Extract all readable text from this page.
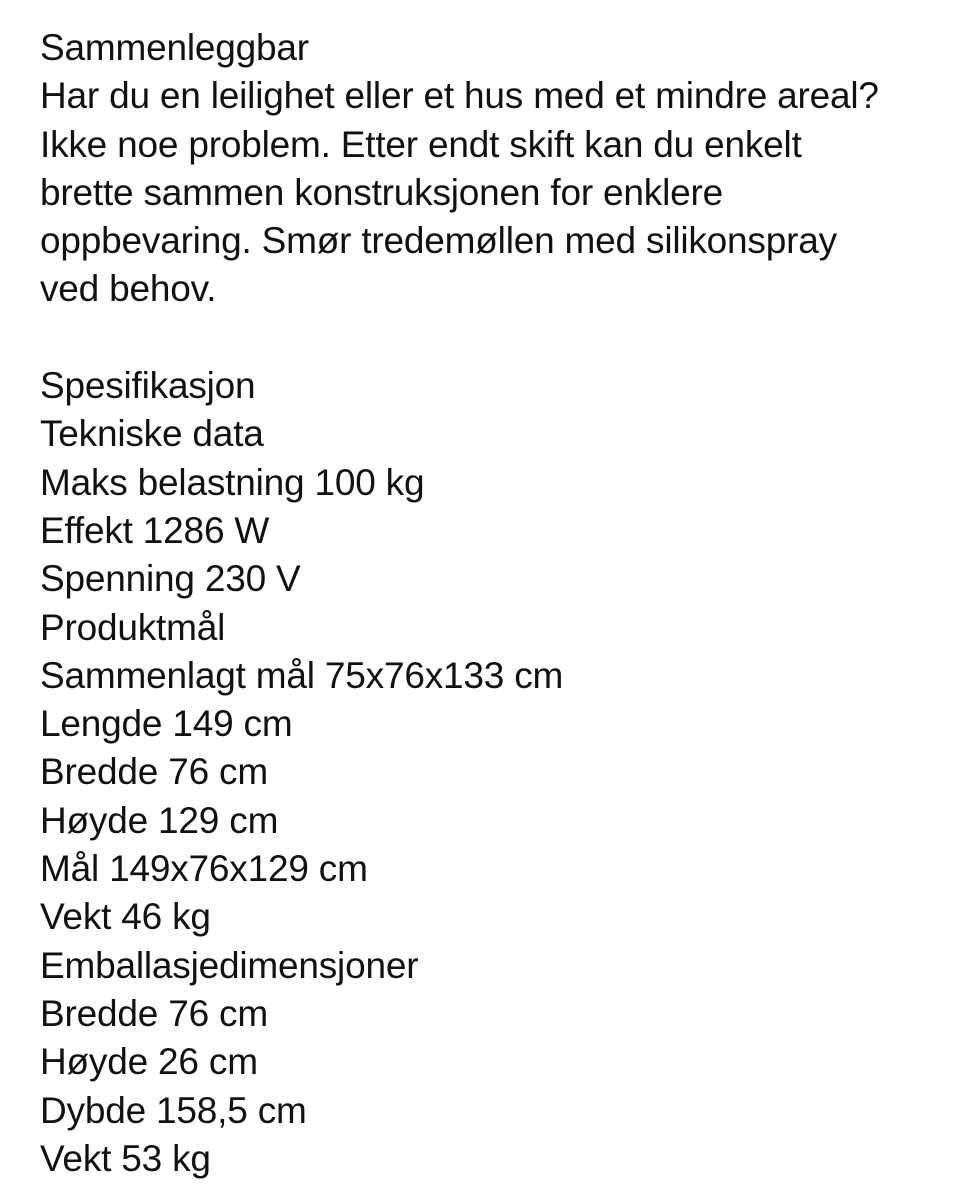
Sammenleggbar
Har du en leilighet eller et hus med et mindre areal?
Ikke noe problem. Etter endt skift kan du enkelt
brette sammen konstruksjonen for enklere
oppbevaring. Smør tredemøllen med silikonspray
ved behov.
Spesifikasjon
Tekniske data
Maks belastning 100 kg
Effekt 1286 W
Spenning 230 V
Produktmål
Sammenlagt mål 75x76x133 cm
Lengde 149 cm
Bredde 76 cm
Høyde 129 cm
Mål 149x76x129 cm
Vekt 46 kg
Emballasjedimensjoner
Bredde 76 cm
Høyde 26 cm
Dybde 158,5 cm
Vekt 53 kg
